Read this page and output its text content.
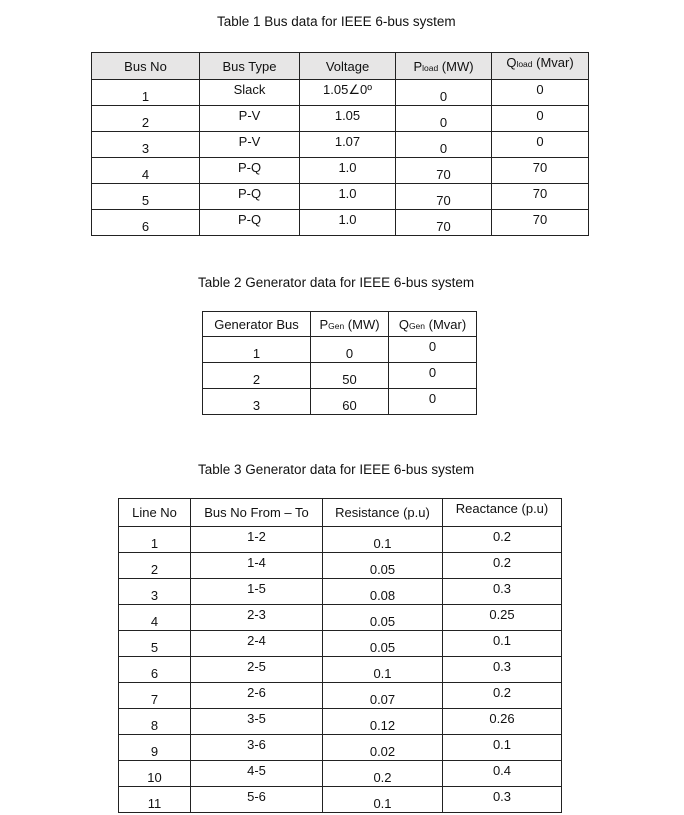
Table 1 Bus data for IEEE 6-bus system
Bus No	Bus Type	Voltage	Pload (MW)	Qload (Mvar)
1	Slack	1.05∠0º	0	0
2	P-V	1.05	0	0
3	P-V	1.07	0	0
4	P-Q	1.0	70	70
5	P-Q	1.0	70	70
6	P-Q	1.0	70	70
Table 2 Generator data for IEEE 6-bus system
Generator Bus	PGen (MW)	QGen (Mvar)
1	0	0
2	50	0
3	60	0
Table 3 Generator data for IEEE 6-bus system
Line No	Bus No From – To	Resistance (p.u)	Reactance (p.u)
1	1-2	0.1	0.2
2	1-4	0.05	0.2
3	1-5	0.08	0.3
4	2-3	0.05	0.25
5	2-4	0.05	0.1
6	2-5	0.1	0.3
7	2-6	0.07	0.2
8	3-5	0.12	0.26
9	3-6	0.02	0.1
10	4-5	0.2	0.4
11	5-6	0.1	0.3
